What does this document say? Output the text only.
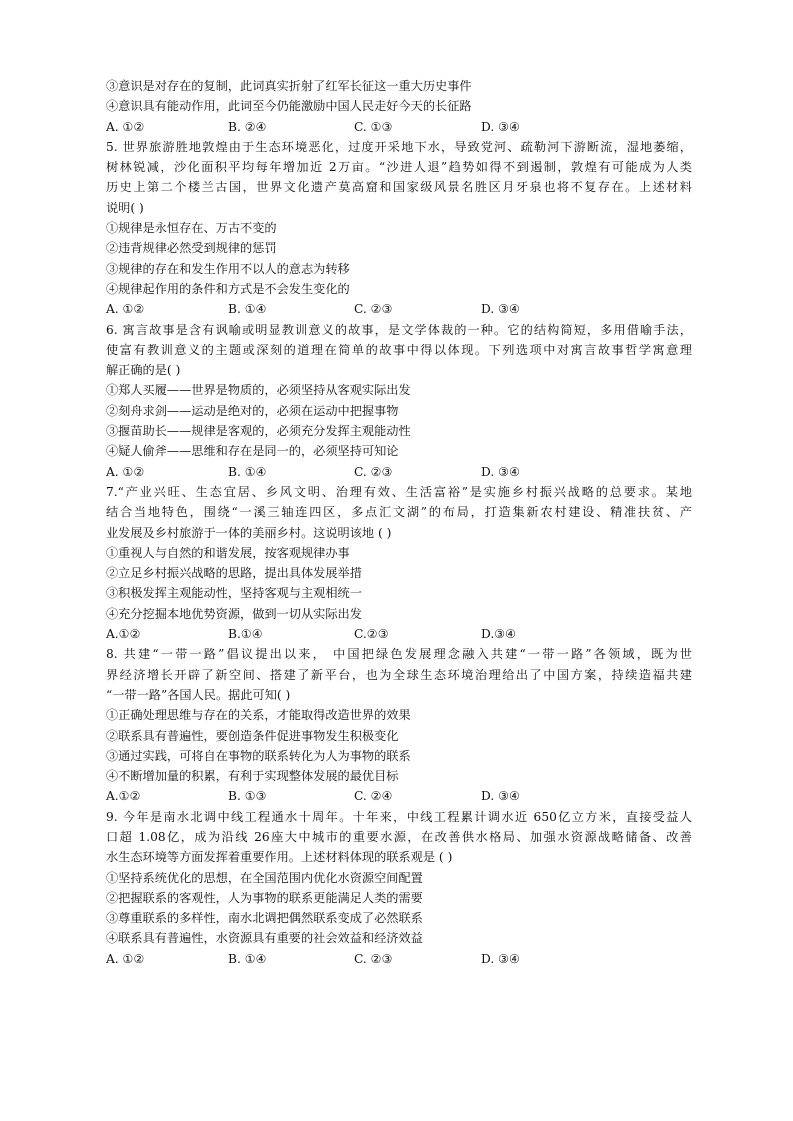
③意识是对存在的复制，此词真实折射了红军长征这一重大历史事件
④意识具有能动作用，此词至今仍能激励中国人民走好今天的长征路
A. ①②	B. ②④	C. ①③	D. ③④
5. 世界旅游胜地敦煌由于生态环境恶化，过度开采地下水，导致党河、疏勒河下游断流，湿地萎缩，
树林锐减，沙化面积平均每年增加近 2万亩。“沙进人退”趋势如得不到遏制，敦煌有可能成为人类
历史上第二个楼兰古国，世界文化遗产莫高窟和国家级风景名胜区月牙泉也将不复存在。上述材料
说明( )
①规律是永恒存在、万古不变的
②违背规律必然受到规律的惩罚
③规律的存在和发生作用不以人的意志为转移
④规律起作用的条件和方式是不会发生变化的
A. ①②	B. ①④	C. ②③	D. ③④
6. 寓言故事是含有讽喻或明显教训意义的故事，是文学体裁的一种。它的结构简短，多用借喻手法，
使富有教训意义的主题或深刻的道理在简单的故事中得以体现。下列选项中对寓言故事哲学寓意理
解正确的是( )
①郑人买履——世界是物质的，必须坚持从客观实际出发
②刻舟求剑——运动是绝对的，必须在运动中把握事物
③揠苗助长——规律是客观的，必须充分发挥主观能动性
④疑人偷斧——思维和存在是同一的，必须坚持可知论
A. ①②	B. ①④	C. ②③	D. ③④
7.“产业兴旺、生态宜居、乡风文明、治理有效、生活富裕”是实施乡村振兴战略的总要求。某地
结合当地特色，围绕“一溪三轴连四区，多点汇文湖”的布局，打造集新农村建设、精准扶贫、产
业发展及乡村旅游于一体的美丽乡村。这说明该地 ( )
①重视人与自然的和谐发展，按客观规律办事
②立足乡村振兴战略的思路，提出具体发展举措
③积极发挥主观能动性，坚持客观与主观相统一
④充分挖掘本地优势资源，做到一切从实际出发
A.①②	B.①④	C.②③	D.③④
8. 共建“一带一路”倡议提出以来， 中国把绿色发展理念融入共建“一带一路”各领域，既为世
界经济增长开辟了新空间、搭建了新平台，也为全球生态环境治理给出了中国方案，持续造福共建
“一带一路”各国人民。据此可知( )
①正确处理思维与存在的关系，才能取得改造世界的效果
②联系具有普遍性，要创造条件促进事物发生积极变化
③通过实践，可将自在事物的联系转化为人为事物的联系
④不断增加量的积累，有利于实现整体发展的最优目标
A.①②	B. ①③	C. ②④	D. ③④
9. 今年是南水北调中线工程通水十周年。十年来，中线工程累计调水近 650亿立方米，直接受益人
口超 1.08亿，成为沿线 26座大中城市的重要水源，在改善供水格局、加强水资源战略储备、改善
水生态环境等方面发挥着重要作用。上述材料体现的联系观是 ( )
①坚持系统优化的思想，在全国范围内优化水资源空间配置
②把握联系的客观性，人为事物的联系更能满足人类的需要
③尊重联系的多样性，南水北调把偶然联系变成了必然联系
④联系具有普遍性，水资源具有重要的社会效益和经济效益
A. ①②	B. ①④	C. ②③	D. ③④
